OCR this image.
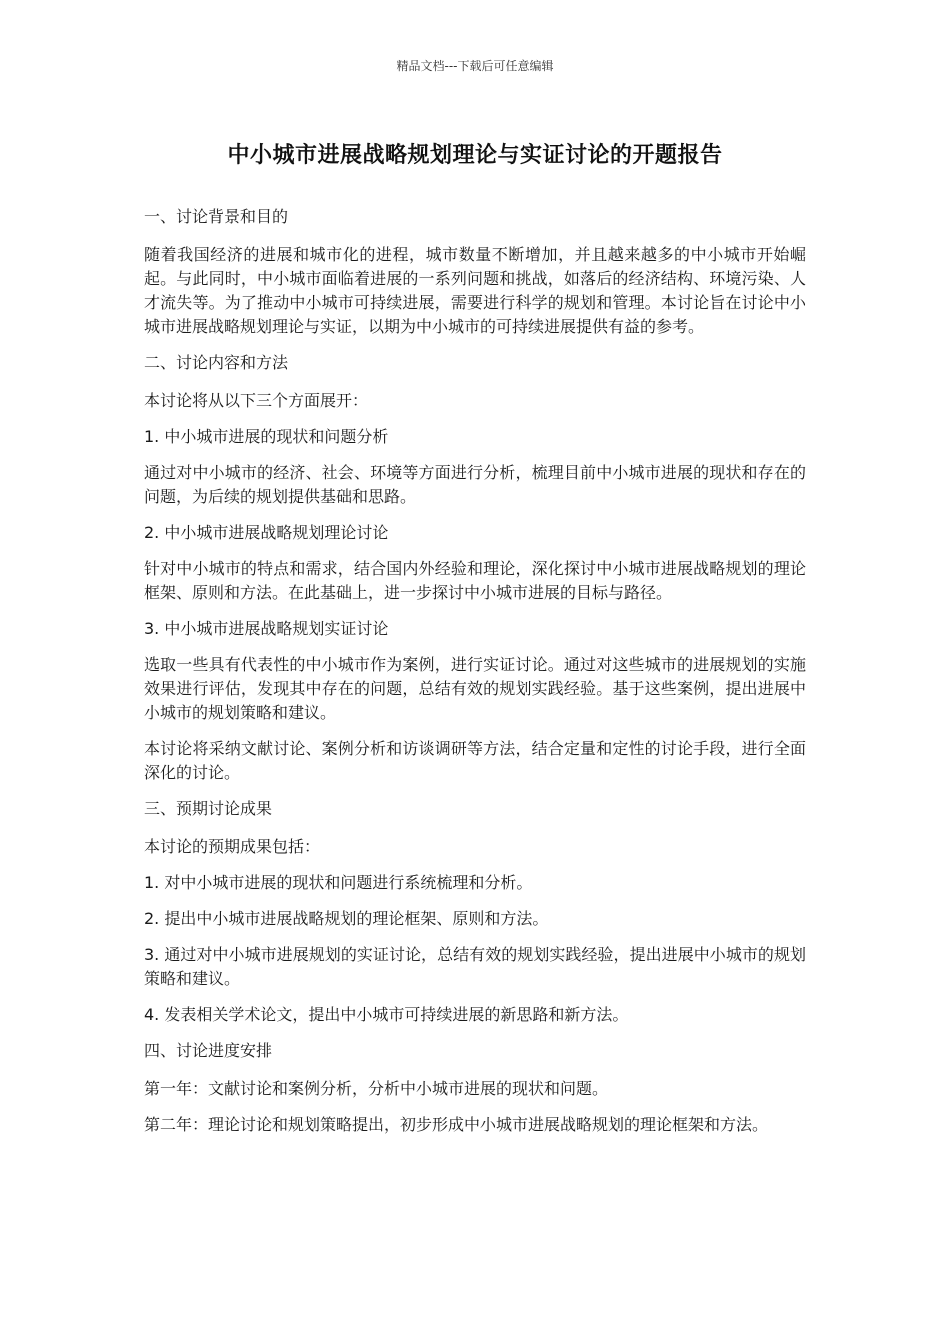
精品文档---下载后可任意编辑
中小城市进展战略规划理论与实证讨论的开题报告

一、讨论背景和目的

随着我国经济的进展和城市化的进程，城市数量不断增加，并且越来越多的中小城市开始崛起。与此同时，中小城市面临着进展的一系列问题和挑战，如落后的经济结构、环境污染、人才流失等。为了推动中小城市可持续进展，需要进行科学的规划和管理。本讨论旨在讨论中小城市进展战略规划理论与实证，以期为中小城市的可持续进展提供有益的参考。

二、讨论内容和方法

本讨论将从以下三个方面展开：

1. 中小城市进展的现状和问题分析

通过对中小城市的经济、社会、环境等方面进行分析，梳理目前中小城市进展的现状和存在的问题，为后续的规划提供基础和思路。

2. 中小城市进展战略规划理论讨论

针对中小城市的特点和需求，结合国内外经验和理论，深化探讨中小城市进展战略规划的理论框架、原则和方法。在此基础上，进一步探讨中小城市进展的目标与路径。

3. 中小城市进展战略规划实证讨论

选取一些具有代表性的中小城市作为案例，进行实证讨论。通过对这些城市的进展规划的实施效果进行评估，发现其中存在的问题，总结有效的规划实践经验。基于这些案例，提出进展中小城市的规划策略和建议。

本讨论将采纳文献讨论、案例分析和访谈调研等方法，结合定量和定性的讨论手段，进行全面深化的讨论。

三、预期讨论成果

本讨论的预期成果包括：

1. 对中小城市进展的现状和问题进行系统梳理和分析。

2. 提出中小城市进展战略规划的理论框架、原则和方法。

3. 通过对中小城市进展规划的实证讨论，总结有效的规划实践经验，提出进展中小城市的规划策略和建议。

4. 发表相关学术论文，提出中小城市可持续进展的新思路和新方法。

四、讨论进度安排

第一年：文献讨论和案例分析，分析中小城市进展的现状和问题。

第二年：理论讨论和规划策略提出，初步形成中小城市进展战略规划的理论框架和方法。
